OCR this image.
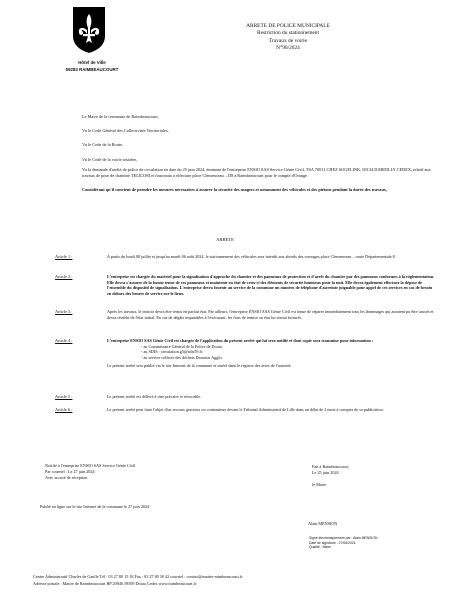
Hôtel de Ville
59283 RAIMBEAUCOURT
ARRETE DE POLICE MUNICIPALE
Restriction du stationnement
Travaux de voirie
N°90/2024

Le Maire de la commune de Raimbeaucourt,

Vu le Code Général des Collectivités Territoriales,

Vu le Code de la Route,

Vu le Code de la voirie routière,

Vu la demande d'arrêté de police de circulation en date du 25 juin 2024, émanant de l'entreprise ENSIO SAS Service Génie Civil, TSA 70011 CHEZ SOGELINK, 69134 DARDILLY CEDEX, relatif aux travaux de pose de chambre TELICOM et fourreaux à effectuer place Clemenceau – D8 à Raimbeaucourt pour le compte d'Orange.

Considérant qu'il convient de prendre les mesures nécessaires à assurer la sécurité des usagers et notamment des véhicules et des piétons pendant la durée des travaux,

ARRETE
Article 1 :	A partir du lundi 08 juillet et jusqu'au mardi 06 août 2024, le stationnement des véhicules sera interdit aux abords des ouvrages place Clemenceau – route Départementale 8.
Article 2 :	L'entreprise est chargée du matériel pour la signalisation d'approche du chantier et des panneaux de protection et d'arrêt du chantier par des panneaux conformes à la réglementation. Elle devra s'assurer de la bonne tenue de ces panneaux et maintenir en état de ceux-ci des éléments de sécurité lumineux pour la nuit. Elle devra également effectuer la dépose de l'ensemble du dispositif de signalisation. L'entreprise devra fournir au service de la commune un numéro de téléphone d'astreinte joignable pour appel de ces services en cas de besoin en dehors des heures de service sur le lieux.
Article 3 :	Après les travaux, le trottoir devra être remis en parfait état. Par ailleurs, l'entreprise ENSIO SAS Génie Civil est tenue de réparer immédiatement tous les dommages qui auraient pu être causés et devra rétablir de l'état initial. En cas de dégâts imputables à l'exécutant, les frais de remise en état lui seront facturés.
Article 4 :	L'entreprise ENSIO SAS Génie Civil est chargée de l'application du présent arrêté qui lui sera notifié et dont copie sera transmise pour information :
- au Commissaire Général de la Police de Douai,
- au SDIS : circulation.g5@sdis59.fr,
- au service collecte des déchets Douaisis Agglo,
Le présent arrêté sera publié via le site Internet de la commune et inséré dans le registre des actes de l'autorité.
Article 5 :	Le présent arrêté est délivré à titre précaire et révocable.
Article 6 :	Le présent arrêté peut faire l'objet d'un recours gracieux ou contentieux devant le Tribunal Administratif de Lille dans un délai de 2 mois à compter de sa publication.
Notifié à l'entreprise ENSIO SAS Service Génie Civil
Par courriel : Le 27 juin 2024
Avec accusé de réception
Fait à Raimbeaucourt,
Le 25 juin 2024
le Maire
Publié en ligne sur le site Internet de la commune le 27 juin 2024
Alain MENSION
Signé électroniquement par : Alain MENSION
Date de signature : 27/06/2024
Qualité : Maire
Centre Administratif Charles de Gaulle Tél : 03 27 80 15 18 Fax : 03 27 80 30 42 courriel : contact@mairie-raimbeaucourt.fr
Adresse postale : Mairie de Raimbeaucourt BP 20946 59509 Douai Cedex www.raimbeaucourt.fr
